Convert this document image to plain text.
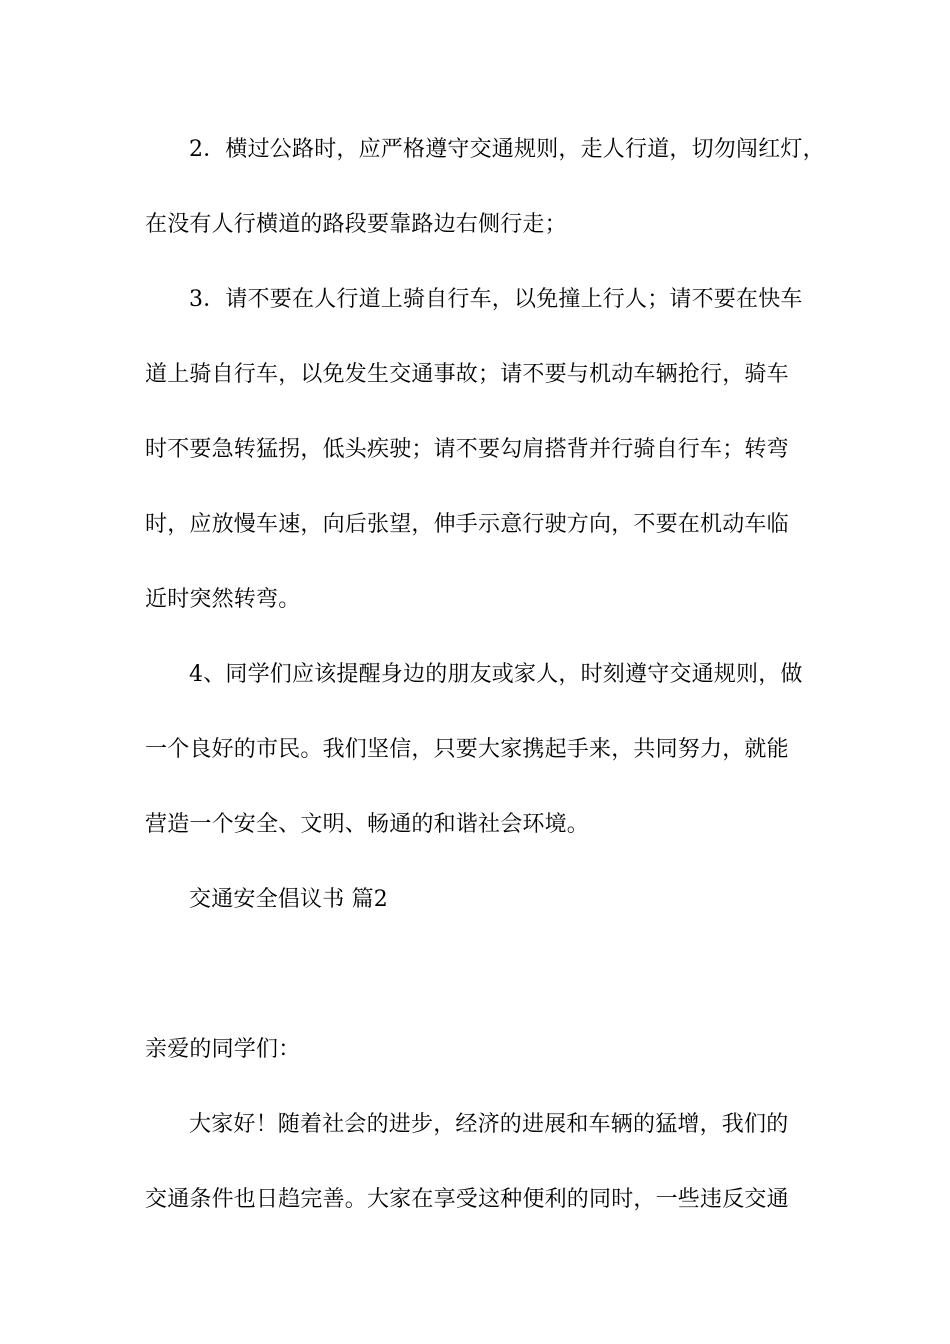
2．横过公路时，应严格遵守交通规则，走人行道，切勿闯红灯，
在没有人行横道的路段要靠路边右侧行走；
3．请不要在人行道上骑自行车，以免撞上行人；请不要在快车
道上骑自行车，以免发生交通事故；请不要与机动车辆抢行，骑车
时不要急转猛拐，低头疾驶；请不要勾肩搭背并行骑自行车；转弯
时，应放慢车速，向后张望，伸手示意行驶方向，不要在机动车临
近时突然转弯。
4、同学们应该提醒身边的朋友或家人，时刻遵守交通规则，做
一个良好的市民。我们坚信，只要大家携起手来，共同努力，就能
营造一个安全、文明、畅通的和谐社会环境。
交通安全倡议书 篇2
亲爱的同学们：
大家好！随着社会的进步，经济的进展和车辆的猛增，我们的
交通条件也日趋完善。大家在享受这种便利的同时，一些违反交通
